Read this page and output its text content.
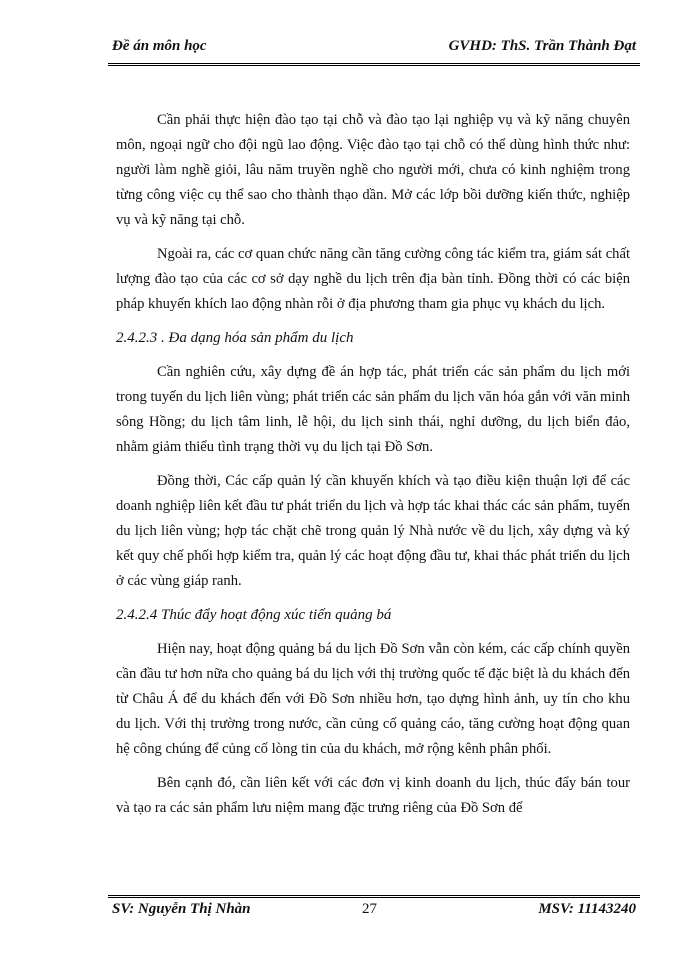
Đề án môn học	GVHD: ThS. Trần Thành Đạt

Cần phải thực hiện đào tạo tại chỗ và đào tạo lại nghiệp vụ và kỹ năng chuyên môn, ngoại ngữ cho đội ngũ lao động. Việc đào tạo tại chỗ có thể dùng hình thức như: người làm nghề giỏi, lâu năm truyền nghề cho người mới, chưa có kinh nghiệm trong từng công việc cụ thể sao cho thành thạo dần. Mở các lớp bồi dưỡng kiến thức, nghiệp vụ và kỹ năng tại chỗ.

Ngoài ra, các cơ quan chức năng cần tăng cường công tác kiểm tra, giám sát chất lượng đào tạo của các cơ sở dạy nghề du lịch trên địa bàn tỉnh. Đồng thời có các biện pháp khuyến khích lao động nhàn rỗi ở địa phương tham gia phục vụ khách du lịch.

2.4.2.3 . Đa dạng hóa sản phẩm du lịch

Cần nghiên cứu, xây dựng đề án hợp tác, phát triển các sản phẩm du lịch mới trong tuyến du lịch liên vùng; phát triển các sản phẩm du lịch văn hóa gắn với văn minh sông Hồng; du lịch tâm linh, lễ hội, du lịch sinh thái, nghỉ dưỡng, du lịch biển đảo, nhằm giảm thiểu tình trạng thời vụ du lịch tại Đồ Sơn.

Đồng thời, Các cấp quản lý cần khuyến khích và tạo điều kiện thuận lợi để các doanh nghiệp liên kết đầu tư phát triển du lịch và hợp tác khai thác các sản phẩm, tuyến du lịch liên vùng; hợp tác chặt chẽ trong quản lý Nhà nước về du lịch, xây dựng và ký kết quy chế phối hợp kiểm tra, quản lý các hoạt động đầu tư, khai thác phát triển du lịch ở các vùng giáp ranh.

2.4.2.4 Thúc đẩy hoạt động xúc tiến quảng bá

Hiện nay, hoạt động quảng bá du lịch Đồ Sơn vẫn còn kém, các cấp chính quyền cần đầu tư hơn nữa cho quảng bá du lịch với thị trường quốc tế đặc biệt là du khách đến từ Châu Á để du khách đến với Đồ Sơn nhiều hơn, tạo dựng hình ảnh, uy tín cho khu du lịch. Với thị trường trong nước, cần củng cố quảng cáo, tăng cường hoạt động quan hệ công chúng để củng cố lòng tin của du khách, mở rộng kênh phân phối.

Bên cạnh đó, cần liên kết với các đơn vị kinh doanh du lịch, thúc đẩy bán tour và tạo ra các sản phẩm lưu niệm mang đặc trưng riêng của Đồ Sơn để

SV: Nguyễn Thị Nhàn	27	MSV: 11143240
